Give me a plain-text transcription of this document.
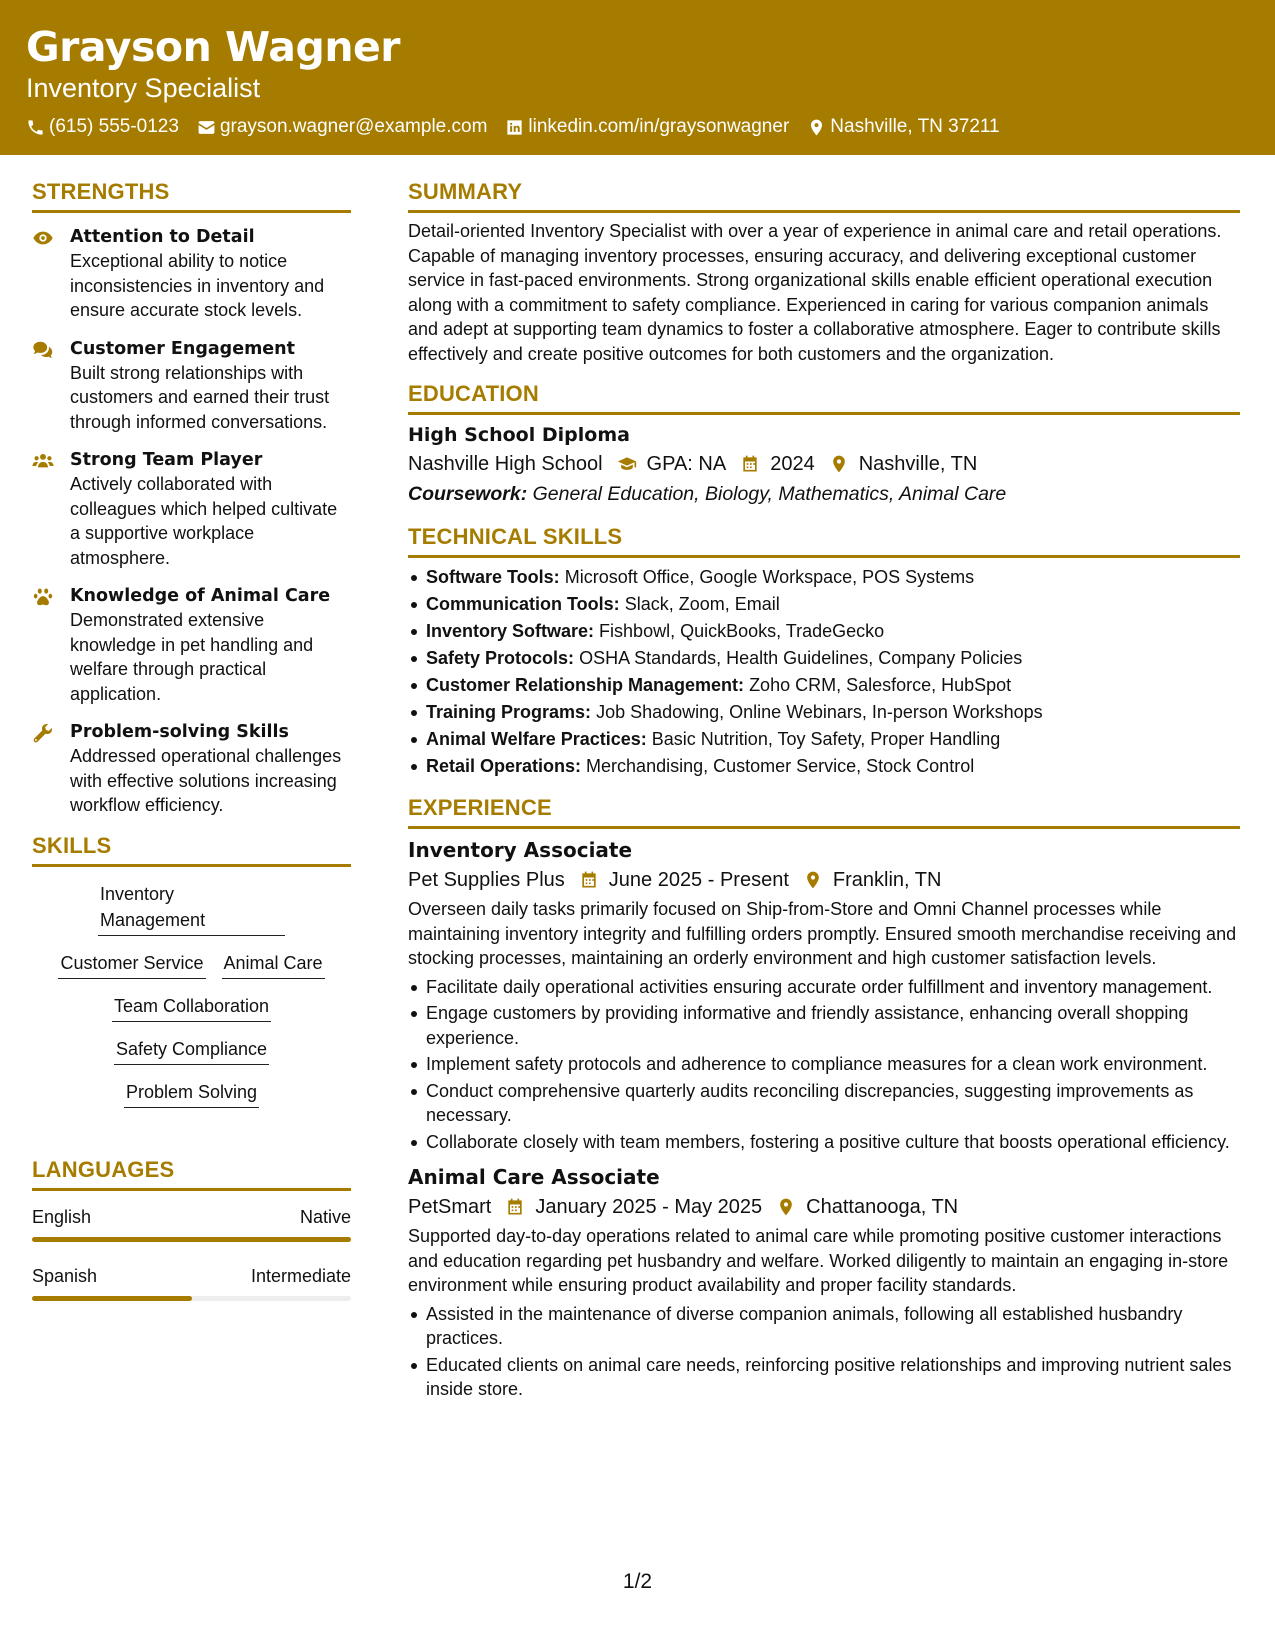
Grayson Wagner
Inventory Specialist
(615) 555-0123 grayson.wagner@example.com linkedin.com/in/graysonwagner Nashville, TN 37211
STRENGTHS
Attention to Detail
Exceptional ability to notice inconsistencies in inventory and ensure accurate stock levels.
Customer Engagement
Built strong relationships with customers and earned their trust through informed conversations.
Strong Team Player
Actively collaborated with colleagues which helped cultivate a supportive workplace atmosphere.
Knowledge of Animal Care
Demonstrated extensive knowledge in pet handling and welfare through practical application.
Problem-solving Skills
Addressed operational challenges with effective solutions increasing workflow efficiency.
SKILLS
Inventory Management
Customer Service Animal Care
Team Collaboration
Safety Compliance
Problem Solving
LANGUAGES
English	Native
Spanish	Intermediate
SUMMARY
Detail-oriented Inventory Specialist with over a year of experience in animal care and retail operations. Capable of managing inventory processes, ensuring accuracy, and delivering exceptional customer service in fast-paced environments. Strong organizational skills enable efficient operational execution along with a commitment to safety compliance. Experienced in caring for various companion animals and adept at supporting team dynamics to foster a collaborative atmosphere. Eager to contribute skills effectively and create positive outcomes for both customers and the organization.
EDUCATION
High School Diploma
Nashville High School GPA: NA 2024 Nashville, TN
Coursework: General Education, Biology, Mathematics, Animal Care
TECHNICAL SKILLS
Software Tools: Microsoft Office, Google Workspace, POS Systems
Communication Tools: Slack, Zoom, Email
Inventory Software: Fishbowl, QuickBooks, TradeGecko
Safety Protocols: OSHA Standards, Health Guidelines, Company Policies
Customer Relationship Management: Zoho CRM, Salesforce, HubSpot
Training Programs: Job Shadowing, Online Webinars, In-person Workshops
Animal Welfare Practices: Basic Nutrition, Toy Safety, Proper Handling
Retail Operations: Merchandising, Customer Service, Stock Control
EXPERIENCE
Inventory Associate
Pet Supplies Plus June 2025 - Present Franklin, TN
Overseen daily tasks primarily focused on Ship-from-Store and Omni Channel processes while maintaining inventory integrity and fulfilling orders promptly. Ensured smooth merchandise receiving and stocking processes, maintaining an orderly environment and high customer satisfaction levels.
Facilitate daily operational activities ensuring accurate order fulfillment and inventory management.
Engage customers by providing informative and friendly assistance, enhancing overall shopping experience.
Implement safety protocols and adherence to compliance measures for a clean work environment.
Conduct comprehensive quarterly audits reconciling discrepancies, suggesting improvements as necessary.
Collaborate closely with team members, fostering a positive culture that boosts operational efficiency.
Animal Care Associate
PetSmart January 2025 - May 2025 Chattanooga, TN
Supported day-to-day operations related to animal care while promoting positive customer interactions and education regarding pet husbandry and welfare. Worked diligently to maintain an engaging in-store environment while ensuring product availability and proper facility standards.
Assisted in the maintenance of diverse companion animals, following all established husbandry practices.
Educated clients on animal care needs, reinforcing positive relationships and improving nutrient sales inside store.
1/2
